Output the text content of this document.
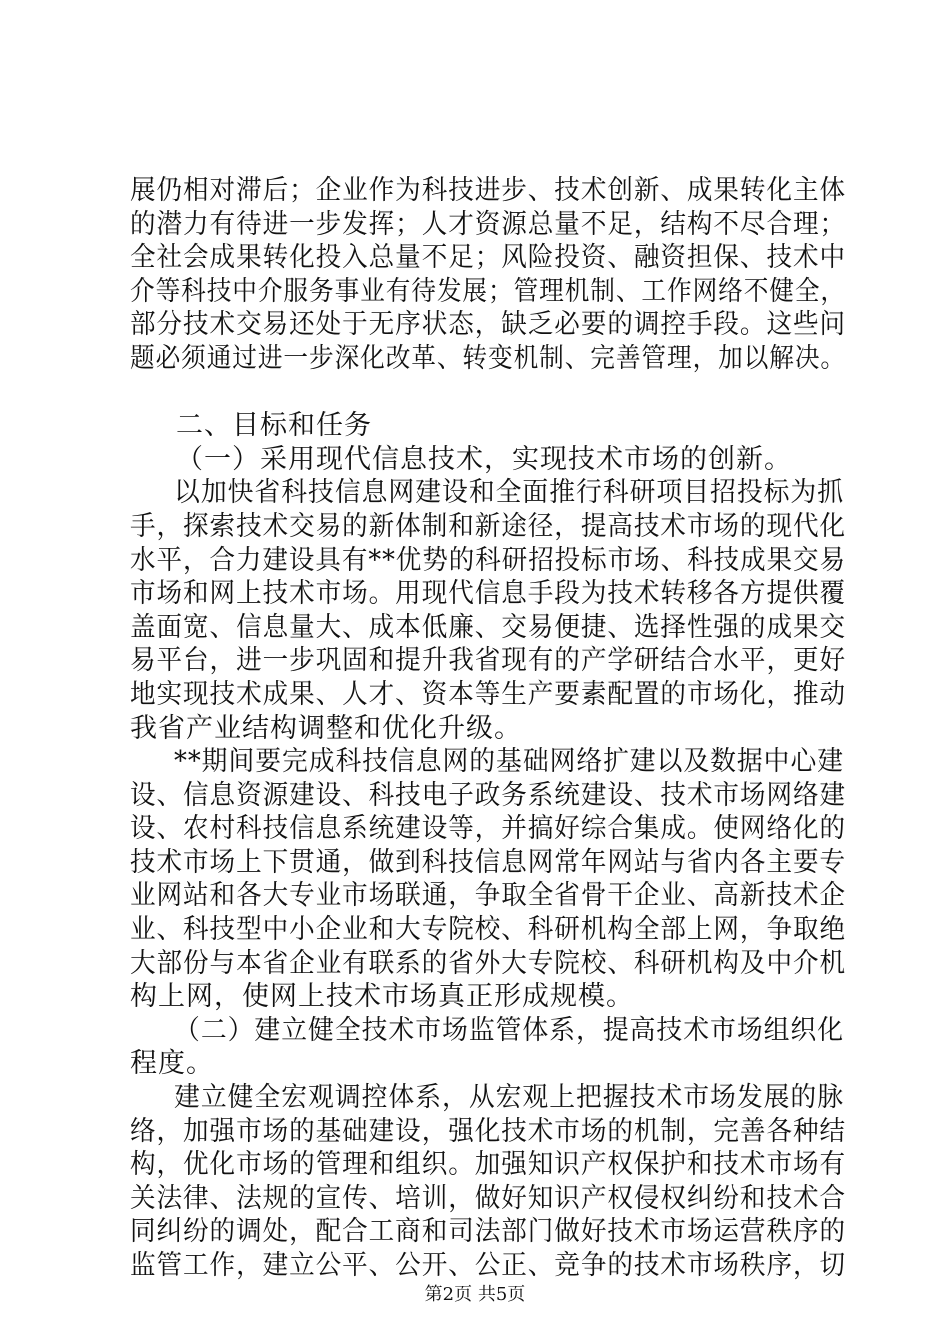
展仍相对滞后；企业作为科技进步、技术创新、成果转化主体
的潜力有待进一步发挥；人才资源总量不足，结构不尽合理；
全社会成果转化投入总量不足；风险投资、融资担保、技术中
介等科技中介服务事业有待发展；管理机制、工作网络不健全，
部分技术交易还处于无序状态，缺乏必要的调控手段。这些问
题必须通过进一步深化改革、转变机制、完善管理，加以解决。
二、目标和任务
（一）采用现代信息技术，实现技术市场的创新。
以加快省科技信息网建设和全面推行科研项目招投标为抓
手，探索技术交易的新体制和新途径，提高技术市场的现代化
水平，合力建设具有**优势的科研招投标市场、科技成果交易
市场和网上技术市场。用现代信息手段为技术转移各方提供覆
盖面宽、信息量大、成本低廉、交易便捷、选择性强的成果交
易平台，进一步巩固和提升我省现有的产学研结合水平，更好
地实现技术成果、人才、资本等生产要素配置的市场化，推动
我省产业结构调整和优化升级。
**期间要完成科技信息网的基础网络扩建以及数据中心建
设、信息资源建设、科技电子政务系统建设、技术市场网络建
设、农村科技信息系统建设等，并搞好综合集成。使网络化的
技术市场上下贯通，做到科技信息网常年网站与省内各主要专
业网站和各大专业市场联通，争取全省骨干企业、高新技术企
业、科技型中小企业和大专院校、科研机构全部上网，争取绝
大部份与本省企业有联系的省外大专院校、科研机构及中介机
构上网，使网上技术市场真正形成规模。
（二）建立健全技术市场监管体系，提高技术市场组织化
程度。
建立健全宏观调控体系，从宏观上把握技术市场发展的脉
络，加强市场的基础建设，强化技术市场的机制，完善各种结
构，优化市场的管理和组织。加强知识产权保护和技术市场有
关法律、法规的宣传、培训，做好知识产权侵权纠纷和技术合
同纠纷的调处，配合工商和司法部门做好技术市场运营秩序的
监管工作，建立公平、公开、公正、竞争的技术市场秩序，切
第2页 共5页
